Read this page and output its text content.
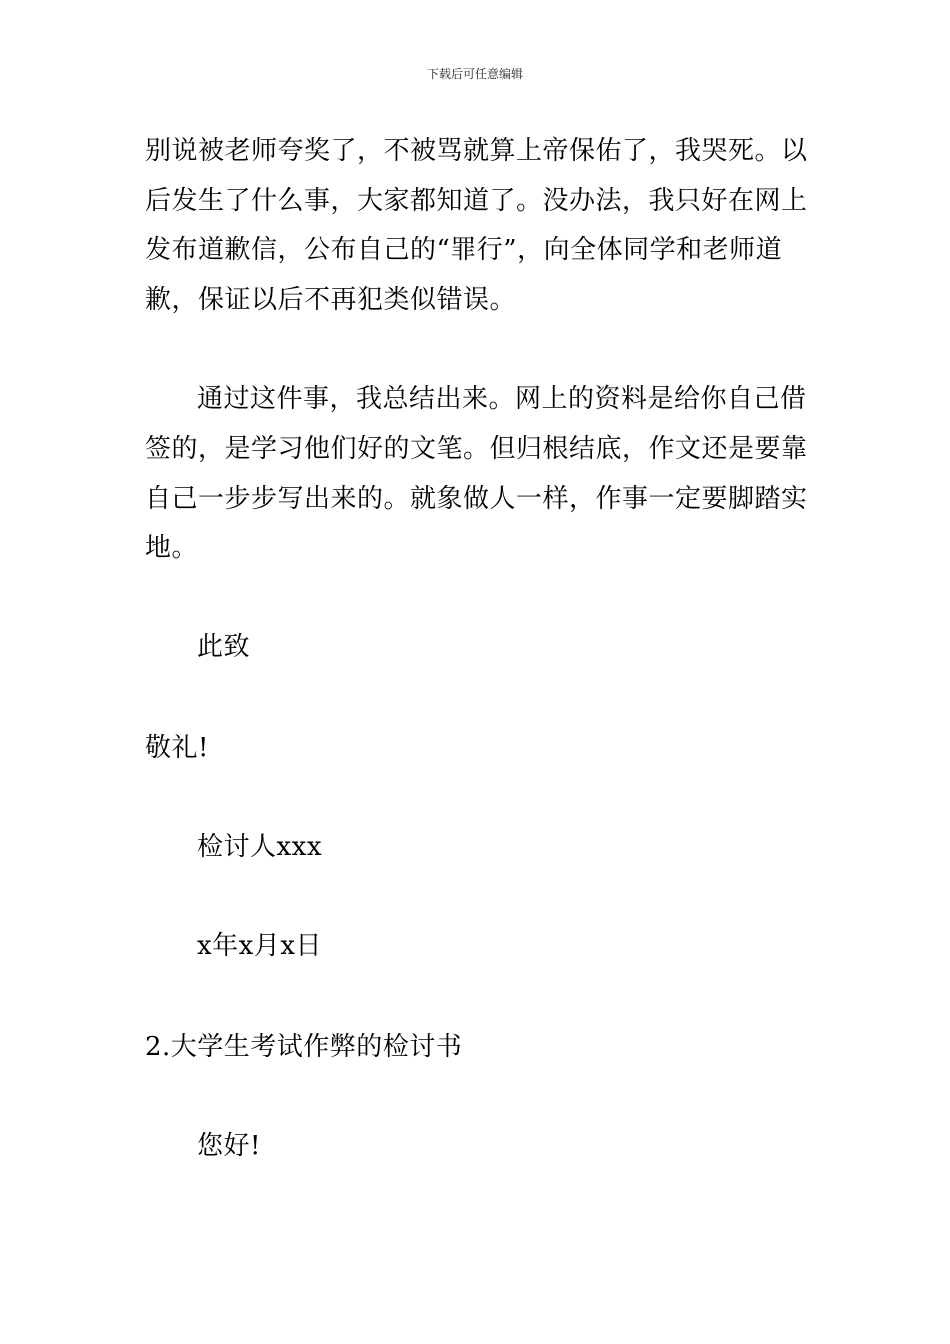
下载后可任意编辑
别说被老师夸奖了，不被骂就算上帝保佑了，我哭死。以
后发生了什么事，大家都知道了。没办法，我只好在网上
发布道歉信，公布自己的“罪行”，向全体同学和老师道
歉，保证以后不再犯类似错误。
通过这件事，我总结出来。网上的资料是给你自己借
签的，是学习他们好的文笔。但归根结底，作文还是要靠
自己一步步写出来的。就象做人一样，作事一定要脚踏实
地。
此致
敬礼!
检讨人xxx
x年x月x日
2.大学生考试作弊的检讨书
您好!
